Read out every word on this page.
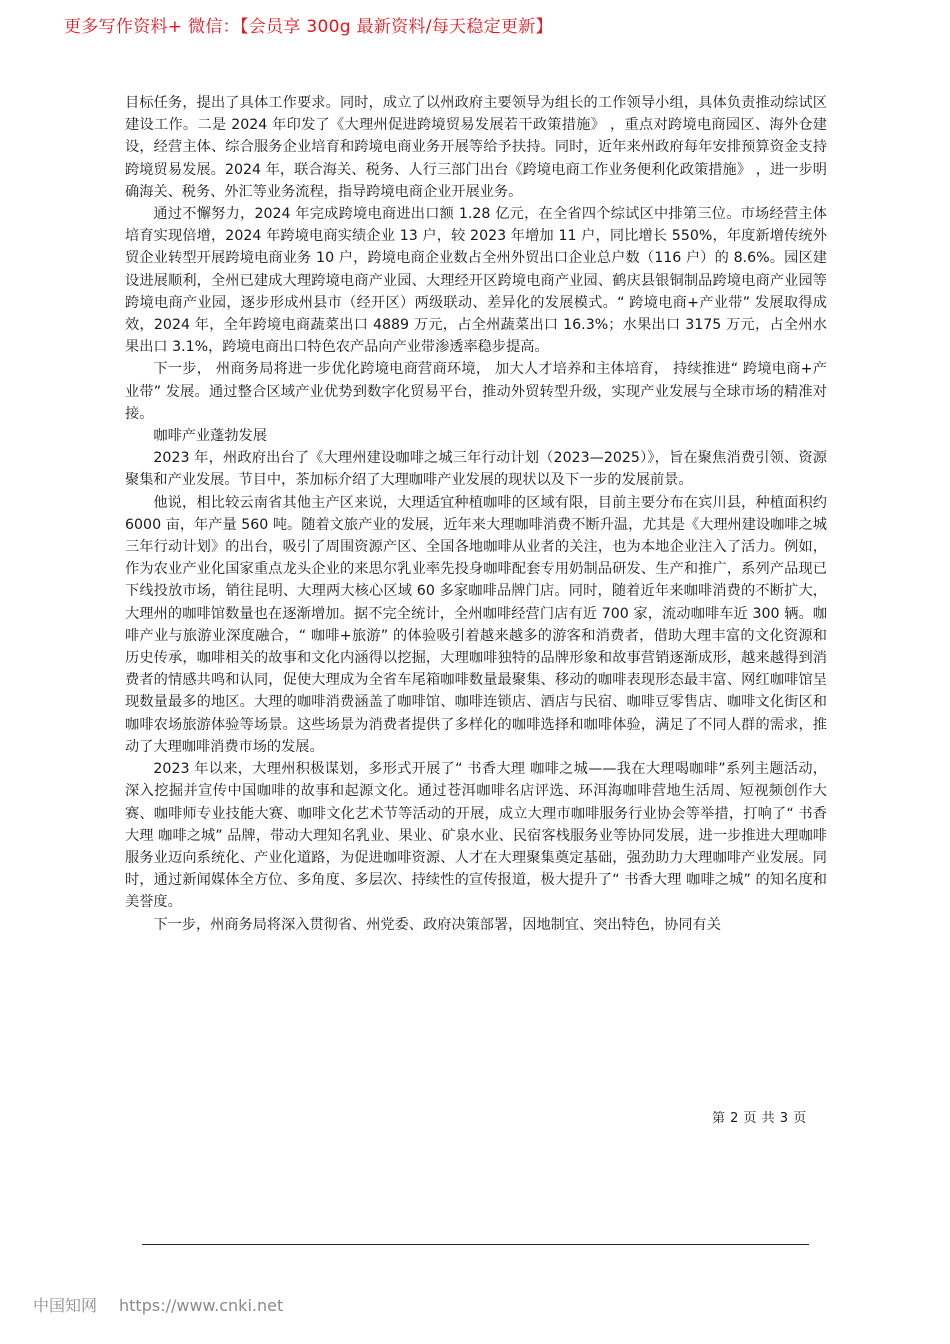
更多写作资料+ 微信：【会员享 300g 最新资料/每天稳定更新】

目标任务，提出了具体工作要求。同时，成立了以州政府主要领导为组长的工作领导小组，具体负责推动综试区建设工作。二是 2024 年印发了《大理州促进跨境贸易发展若干政策措施》 ，重点对跨境电商园区、海外仓建设，经营主体、综合服务企业培育和跨境电商业务开展等给予扶持。同时，近年来州政府每年安排预算资金支持跨境贸易发展。2024 年，联合海关、税务、人行三部门出台《跨境电商工作业务便利化政策措施》 ，进一步明确海关、税务、外汇等业务流程，指导跨境电商企业开展业务。

通过不懈努力，2024 年完成跨境电商进出口额 1.28 亿元，在全省四个综试区中排第三位。市场经营主体培育实现倍增，2024 年跨境电商实绩企业 13 户，较 2023 年增加 11 户，同比增长 550%，年度新增传统外贸企业转型开展跨境电商业务 10 户，跨境电商企业数占全州外贸出口企业总户数（116 户）的 8.6%。园区建设进展顺利，全州已建成大理跨境电商产业园、大理经开区跨境电商产业园、鹤庆县银铜制品跨境电商产业园等跨境电商产业园，逐步形成州县市（经开区）两级联动、差异化的发展模式。“ 跨境电商+产业带” 发展取得成效，2024 年，全年跨境电商蔬菜出口 4889 万元，占全州蔬菜出口 16.3%；水果出口 3175 万元，占全州水果出口 3.1%，跨境电商出口特色农产品向产业带渗透率稳步提高。

下一步， 州商务局将进一步优化跨境电商营商环境， 加大人才培养和主体培育， 持续推进“ 跨境电商+产业带” 发展。通过整合区域产业优势到数字化贸易平台，推动外贸转型升级，实现产业发展与全球市场的精准对接。

咖啡产业蓬勃发展

2023 年，州政府出台了《大理州建设咖啡之城三年行动计划（2023—2025）》，旨在聚焦消费引领、资源聚集和产业发展。节目中，茶加标介绍了大理咖啡产业发展的现状以及下一步的发展前景。

他说，相比较云南省其他主产区来说，大理适宜种植咖啡的区域有限，目前主要分布在宾川县，种植面积约 6000 亩，年产量 560 吨。随着文旅产业的发展，近年来大理咖啡消费不断升温，尤其是《大理州建设咖啡之城三年行动计划》的出台，吸引了周围资源产区、全国各地咖啡从业者的关注，也为本地企业注入了活力。例如，作为农业产业化国家重点龙头企业的来思尔乳业率先投身咖啡配套专用奶制品研发、生产和推广，系列产品现已下线投放市场，销往昆明、大理两大核心区域 60 多家咖啡品牌门店。同时，随着近年来咖啡消费的不断扩大，大理州的咖啡馆数量也在逐渐增加。据不完全统计，全州咖啡经营门店有近 700 家，流动咖啡车近 300 辆。咖啡产业与旅游业深度融合，“ 咖啡+旅游” 的体验吸引着越来越多的游客和消费者，借助大理丰富的文化资源和历史传承，咖啡相关的故事和文化内涵得以挖掘，大理咖啡独特的品牌形象和故事营销逐渐成形，越来越得到消费者的情感共鸣和认同，促使大理成为全省车尾箱咖啡数量最聚集、移动的咖啡表现形态最丰富、网红咖啡馆呈现数量最多的地区。大理的咖啡消费涵盖了咖啡馆、咖啡连锁店、酒店与民宿、咖啡豆零售店、咖啡文化街区和咖啡农场旅游体验等场景。这些场景为消费者提供了多样化的咖啡选择和咖啡体验，满足了不同人群的需求，推动了大理咖啡消费市场的发展。

2023 年以来，大理州积极谋划，多形式开展了“ 书香大理 咖啡之城——我在大理喝咖啡”系列主题活动，深入挖掘并宣传中国咖啡的故事和起源文化。通过苍洱咖啡名店评选、环洱海咖啡营地生活周、短视频创作大赛、咖啡师专业技能大赛、咖啡文化艺术节等活动的开展，成立大理市咖啡服务行业协会等举措，打响了“ 书香大理 咖啡之城” 品牌，带动大理知名乳业、果业、矿泉水业、民宿客栈服务业等协同发展，进一步推进大理咖啡服务业迈向系统化、产业化道路，为促进咖啡资源、人才在大理聚集奠定基础，强劲助力大理咖啡产业发展。同时，通过新闻媒体全方位、多角度、多层次、持续性的宣传报道，极大提升了“ 书香大理 咖啡之城” 的知名度和美誉度。

下一步，州商务局将深入贯彻省、州党委、政府决策部署，因地制宜、突出特色，协同有关

第 2 页 共 3 页
中国知网 https://www.cnki.net
